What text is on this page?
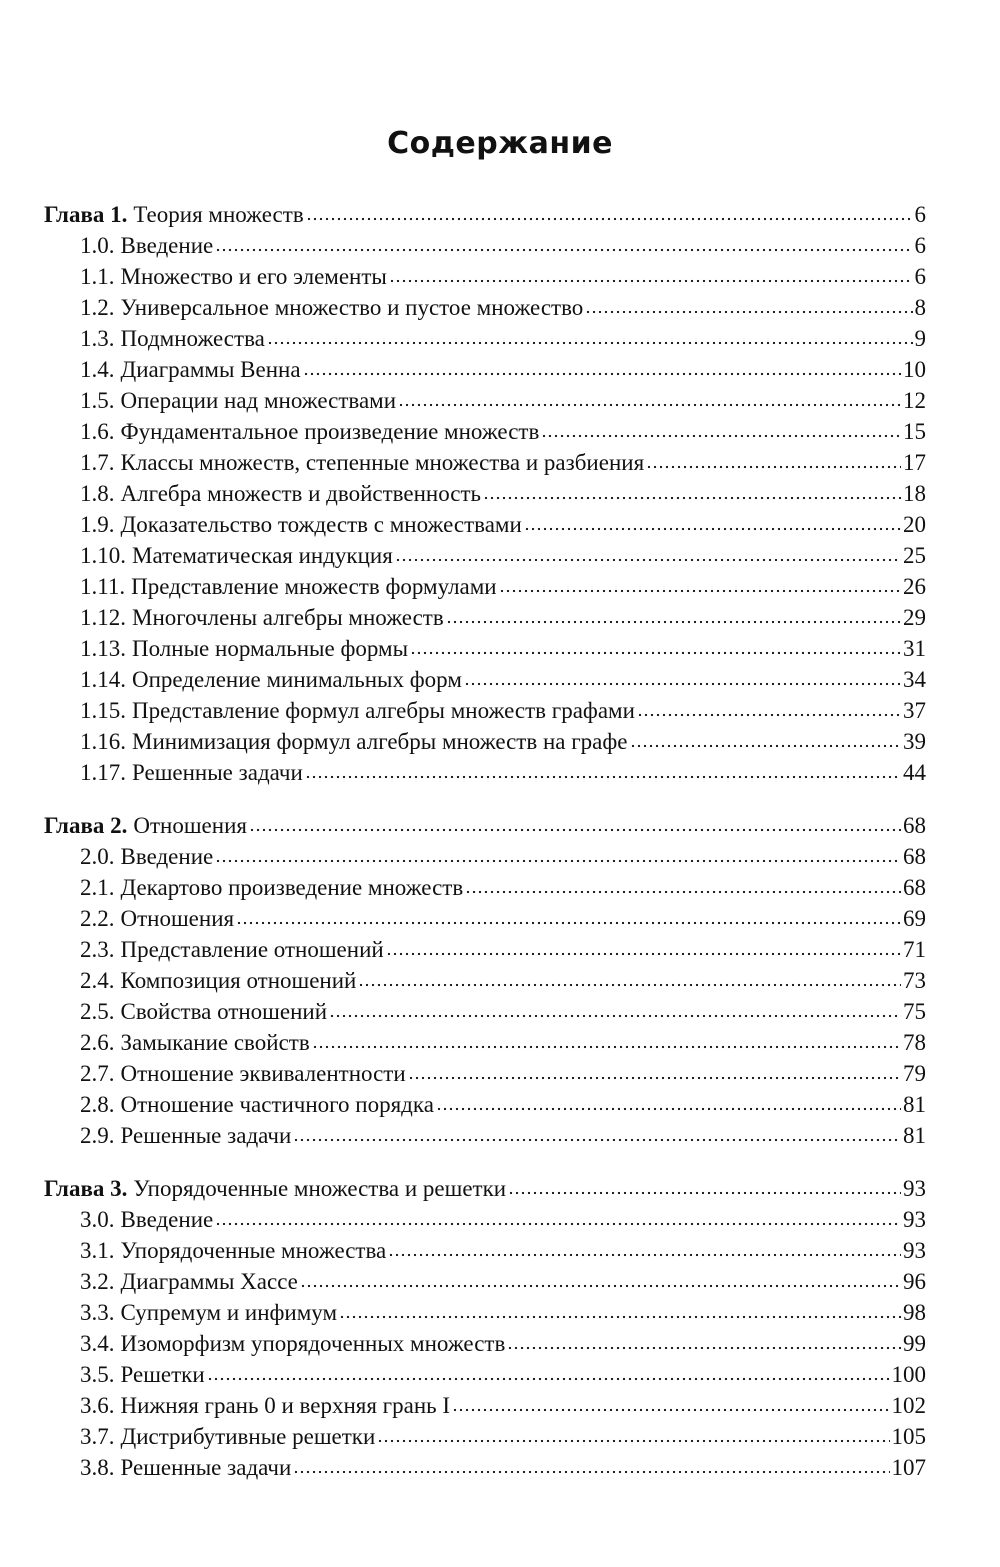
Содержание
Глава 1. Теория множеств	6
1.0. Введение	6
1.1. Множество и его элементы	6
1.2. Универсальное множество и пустое множество	8
1.3. Подмножества	9
1.4. Диаграммы Венна	10
1.5. Операции над множествами	12
1.6. Фундаментальное произведение множеств	15
1.7. Классы множеств, степенные множества и разбиения	17
1.8. Алгебра множеств и двойственность	18
1.9. Доказательство тождеств с множествами	20
1.10. Математическая индукция	25
1.11. Представление множеств формулами	26
1.12. Многочлены алгебры множеств	29
1.13. Полные нормальные формы	31
1.14. Определение минимальных форм	34
1.15. Представление формул алгебры множеств графами	37
1.16. Минимизация формул алгебры множеств на графе	39
1.17. Решенные задачи	44
Глава 2. Отношения	68
2.0. Введение	68
2.1. Декартово произведение множеств	68
2.2. Отношения	69
2.3. Представление отношений	71
2.4. Композиция отношений	73
2.5. Свойства отношений	75
2.6. Замыкание свойств	78
2.7. Отношение эквивалентности	79
2.8. Отношение частичного порядка	81
2.9. Решенные задачи	81
Глава 3. Упорядоченные множества и решетки	93
3.0. Введение	93
3.1. Упорядоченные множества	93
3.2. Диаграммы Хассе	96
3.3. Супремум и инфимум	98
3.4. Изоморфизм упорядоченных множеств	99
3.5. Решетки	100
3.6. Нижняя грань 0 и верхняя грань I	102
3.7. Дистрибутивные решетки	105
3.8. Решенные задачи	107
